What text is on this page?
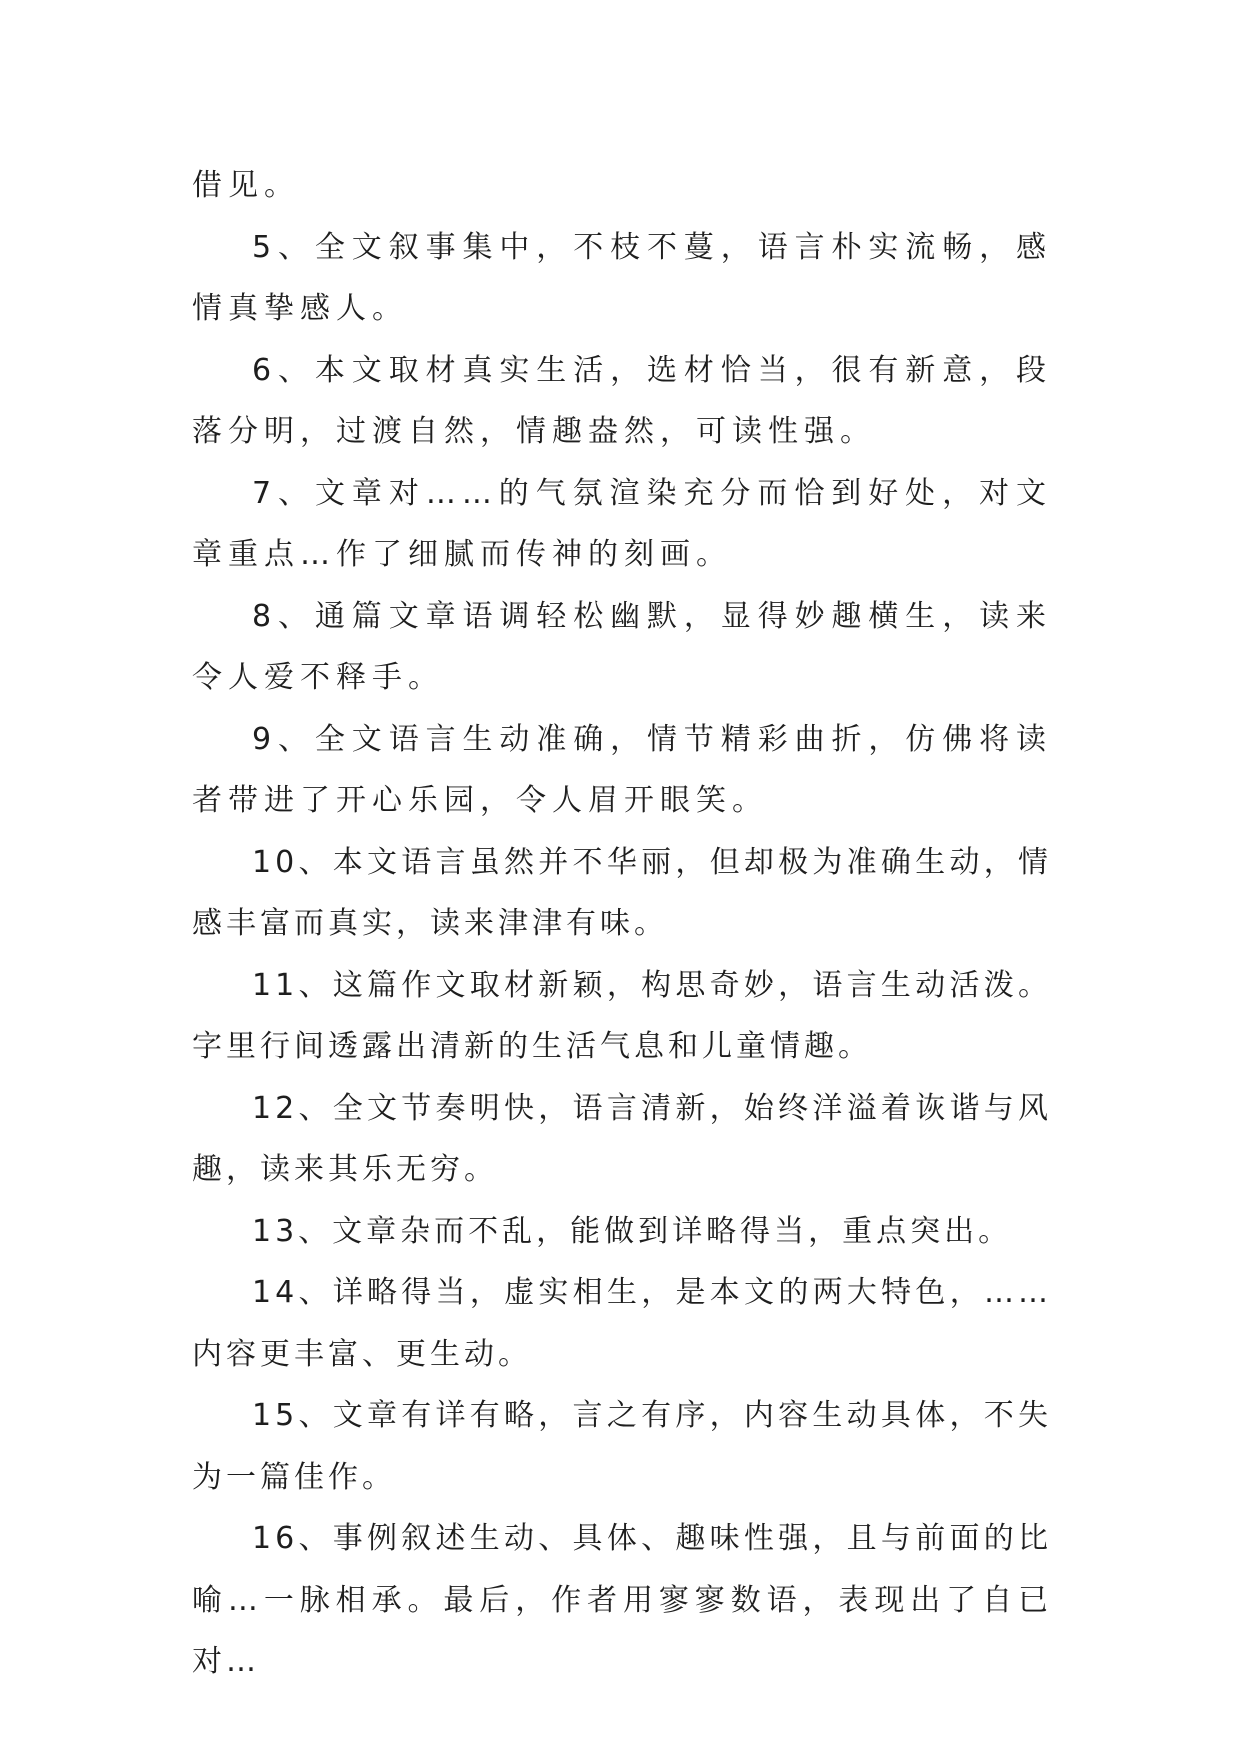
借见。

5、全文叙事集中，不枝不蔓，语言朴实流畅，感情真挚感人。

6、本文取材真实生活，选材恰当，很有新意，段落分明，过渡自然，情趣盎然，可读性强。

7、文章对……的气氛渲染充分而恰到好处，对文章重点…作了细腻而传神的刻画。

8、通篇文章语调轻松幽默，显得妙趣横生，读来令人爱不释手。

9、全文语言生动准确，情节精彩曲折，仿佛将读者带进了开心乐园，令人眉开眼笑。

10、本文语言虽然并不华丽，但却极为准确生动，情感丰富而真实，读来津津有味。

11、这篇作文取材新颖，构思奇妙，语言生动活泼。字里行间透露出清新的生活气息和儿童情趣。

12、全文节奏明快，语言清新，始终洋溢着诙谐与风趣，读来其乐无穷。

13、文章杂而不乱，能做到详略得当，重点突出。

14、详略得当，虚实相生，是本文的两大特色，……内容更丰富、更生动。

15、文章有详有略，言之有序，内容生动具体，不失为一篇佳作。

16、事例叙述生动、具体、趣味性强，且与前面的比喻…一脉相承。最后，作者用寥寥数语，表现出了自已对…
